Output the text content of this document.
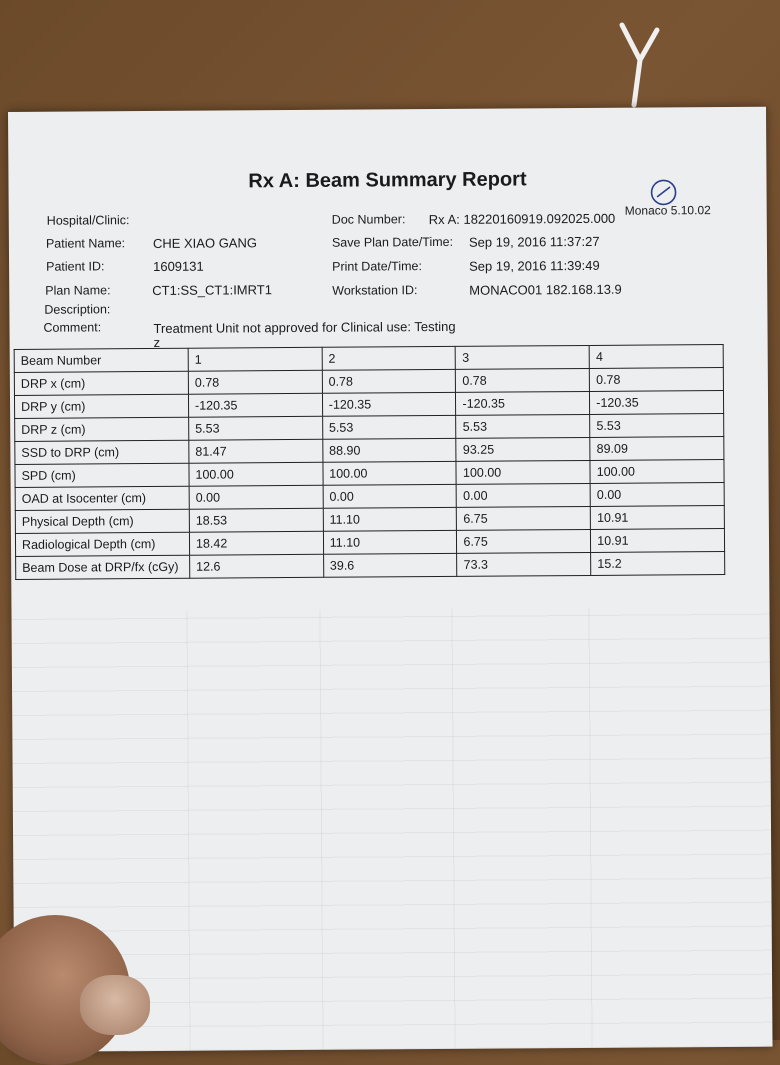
Rx A: Beam Summary Report
Monaco 5.10.02
Hospital/Clinic:
Patient Name: CHE XIAO GANG
Patient ID:	1609131
Plan Name:	CT1:SS_CT1:IMRT1
Description:
Comment:	Treatment Unit not approved for Clinical use: Testing
z
Doc Number: Rx A: 18220160919.092025.000
Save Plan Date/Time: Sep 19, 2016 11:37:27
Print Date/Time:	Sep 19, 2016 11:39:49
Workstation ID:	MONACO01 182.168.13.9
Beam Number	1	2	3	4
DRP x (cm)	0.78	0.78	0.78	0.78
DRP y (cm)	-120.35	-120.35	-120.35	-120.35
DRP z (cm)	5.53	5.53	5.53	5.53
SSD to DRP (cm)	81.47	88.90	93.25	89.09
SPD (cm)	100.00	100.00	100.00	100.00
OAD at Isocenter (cm)	0.00	0.00	0.00	0.00
Physical Depth (cm)	18.53	11.10	6.75	10.91
Radiological Depth (cm)	18.42	11.10	6.75	10.91
Beam Dose at DRP/fx (cGy)	12.6	39.6	73.3	15.2
